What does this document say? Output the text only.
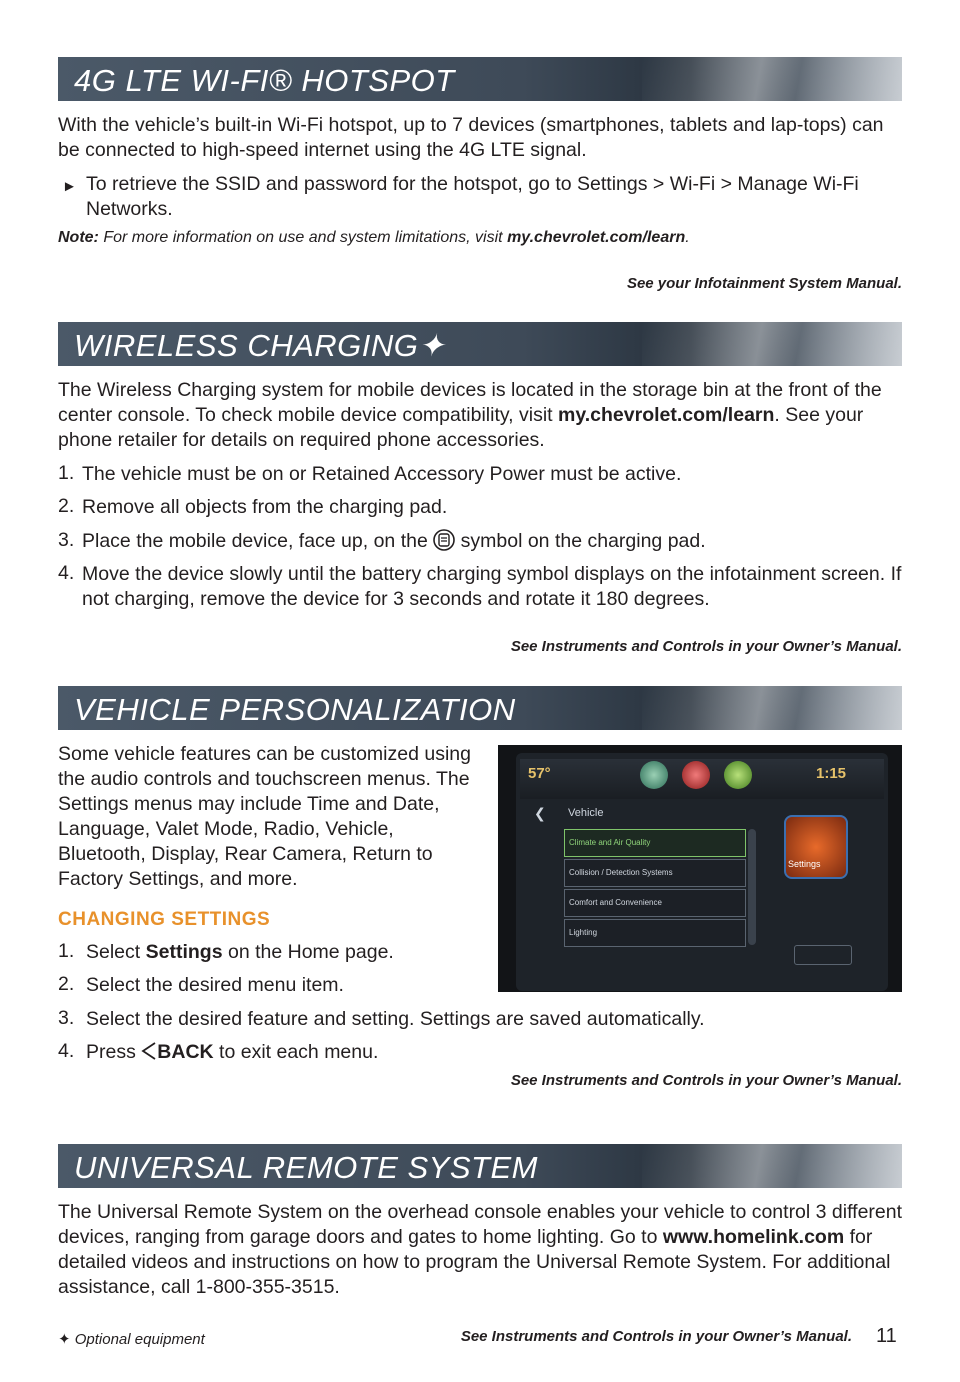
4G LTE WI-FI® HOTSPOT
With the vehicle’s built-in Wi-Fi hotspot, up to 7 devices (smartphones, tablets and lap-tops) can be connected to high-speed internet using the 4G LTE signal.
► To retrieve the SSID and password for the hotspot, go to Settings > Wi-Fi > Manage Wi-Fi Networks.
Note: For more information on use and system limitations, visit my.chevrolet.com/learn.
See your Infotainment System Manual.
WIRELESS CHARGING✦
The Wireless Charging system for mobile devices is located in the storage bin at the front of the center console. To check mobile device compatibility, visit my.chevrolet.com/learn. See your phone retailer for details on required phone accessories.
1. The vehicle must be on or Retained Accessory Power must be active.
2. Remove all objects from the charging pad.
3. Place the mobile device, face up, on the symbol on the charging pad.
4. Move the device slowly until the battery charging symbol displays on the infotainment screen. If not charging, remove the device for 3 seconds and rotate it 180 degrees.
See Instruments and Controls in your Owner’s Manual.
VEHICLE PERSONALIZATION
Some vehicle features can be customized using the audio controls and touchscreen menus. The Settings menus may include Time and Date, Language, Valet Mode, Radio, Vehicle, Bluetooth, Display, Rear Camera, Return to Factory Settings, and more.
CHANGING SETTINGS
1. Select Settings on the Home page.
2. Select the desired menu item.
3. Select the desired feature and setting. Settings are saved automatically.
4. Press BACK to exit each menu.
See Instruments and Controls in your Owner’s Manual.
57°	1:15
❮ Vehicle
Climate and Air Quality
Collision / Detection Systems
Comfort and Convenience
Lighting
Settings
UNIVERSAL REMOTE SYSTEM
The Universal Remote System on the overhead console enables your vehicle to control 3 different devices, ranging from garage doors and gates to home lighting. Go to www.homelink.com for detailed videos and instructions on how to program the Universal Remote System. For additional assistance, call 1-800-355-3515.
✦ Optional equipment	See Instruments and Controls in your Owner’s Manual. 11
